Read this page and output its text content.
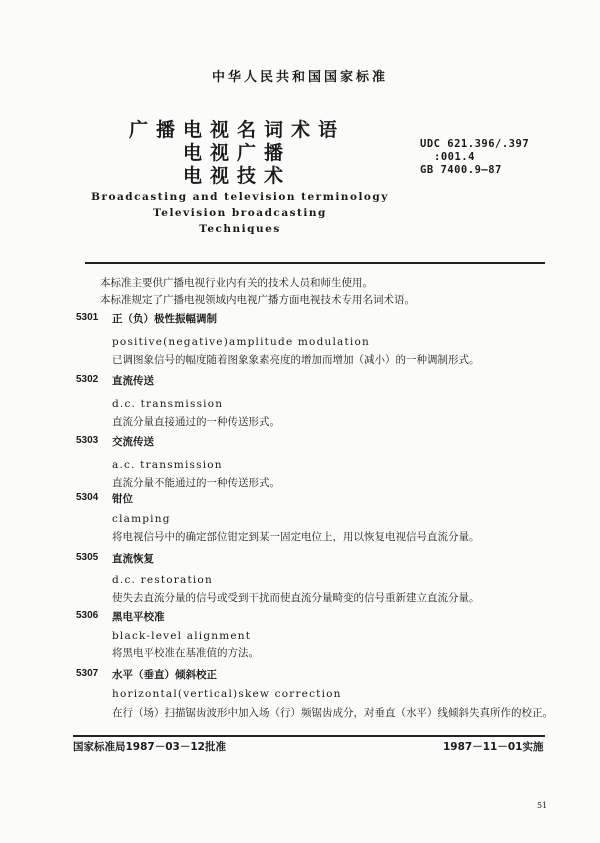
中华人民共和国国家标准
广播电视名词术语
电视广播
电视技术
UDC 621.396/.397
:001.4
GB 7400.9—87
Broadcasting and television terminology
Television broadcasting
Techniques
本标准主要供广播电视行业内有关的技术人员和师生使用。
本标准规定了广播电视领域内电视广播方面电视技术专用名词术语。
5301 正（负）极性振幅调制
positive(negative)amplitude modulation
已调图象信号的幅度随着图象象素亮度的增加而增加（减小）的一种调制形式。
5302 直流传送
d.c. transmission
直流分量直接通过的一种传送形式。
5303 交流传送
a.c. transmission
直流分量不能通过的一种传送形式。
5304 钳位
clamping
将电视信号中的确定部位钳定到某一固定电位上，用以恢复电视信号直流分量。
5305 直流恢复
d.c. restoration
使失去直流分量的信号或受到干扰而使直流分量畸变的信号重新建立直流分量。
5306 黑电平校准
black-level alignment
将黑电平校准在基准值的方法。
5307 水平（垂直）倾斜校正
horizontal(vertical)skew correction
在行（场）扫描锯齿波形中加入场（行）频锯齿成分，对垂直（水平）线倾斜失真所作的校正。
国家标准局1987－03－12批准	1987－11－01实施
51
